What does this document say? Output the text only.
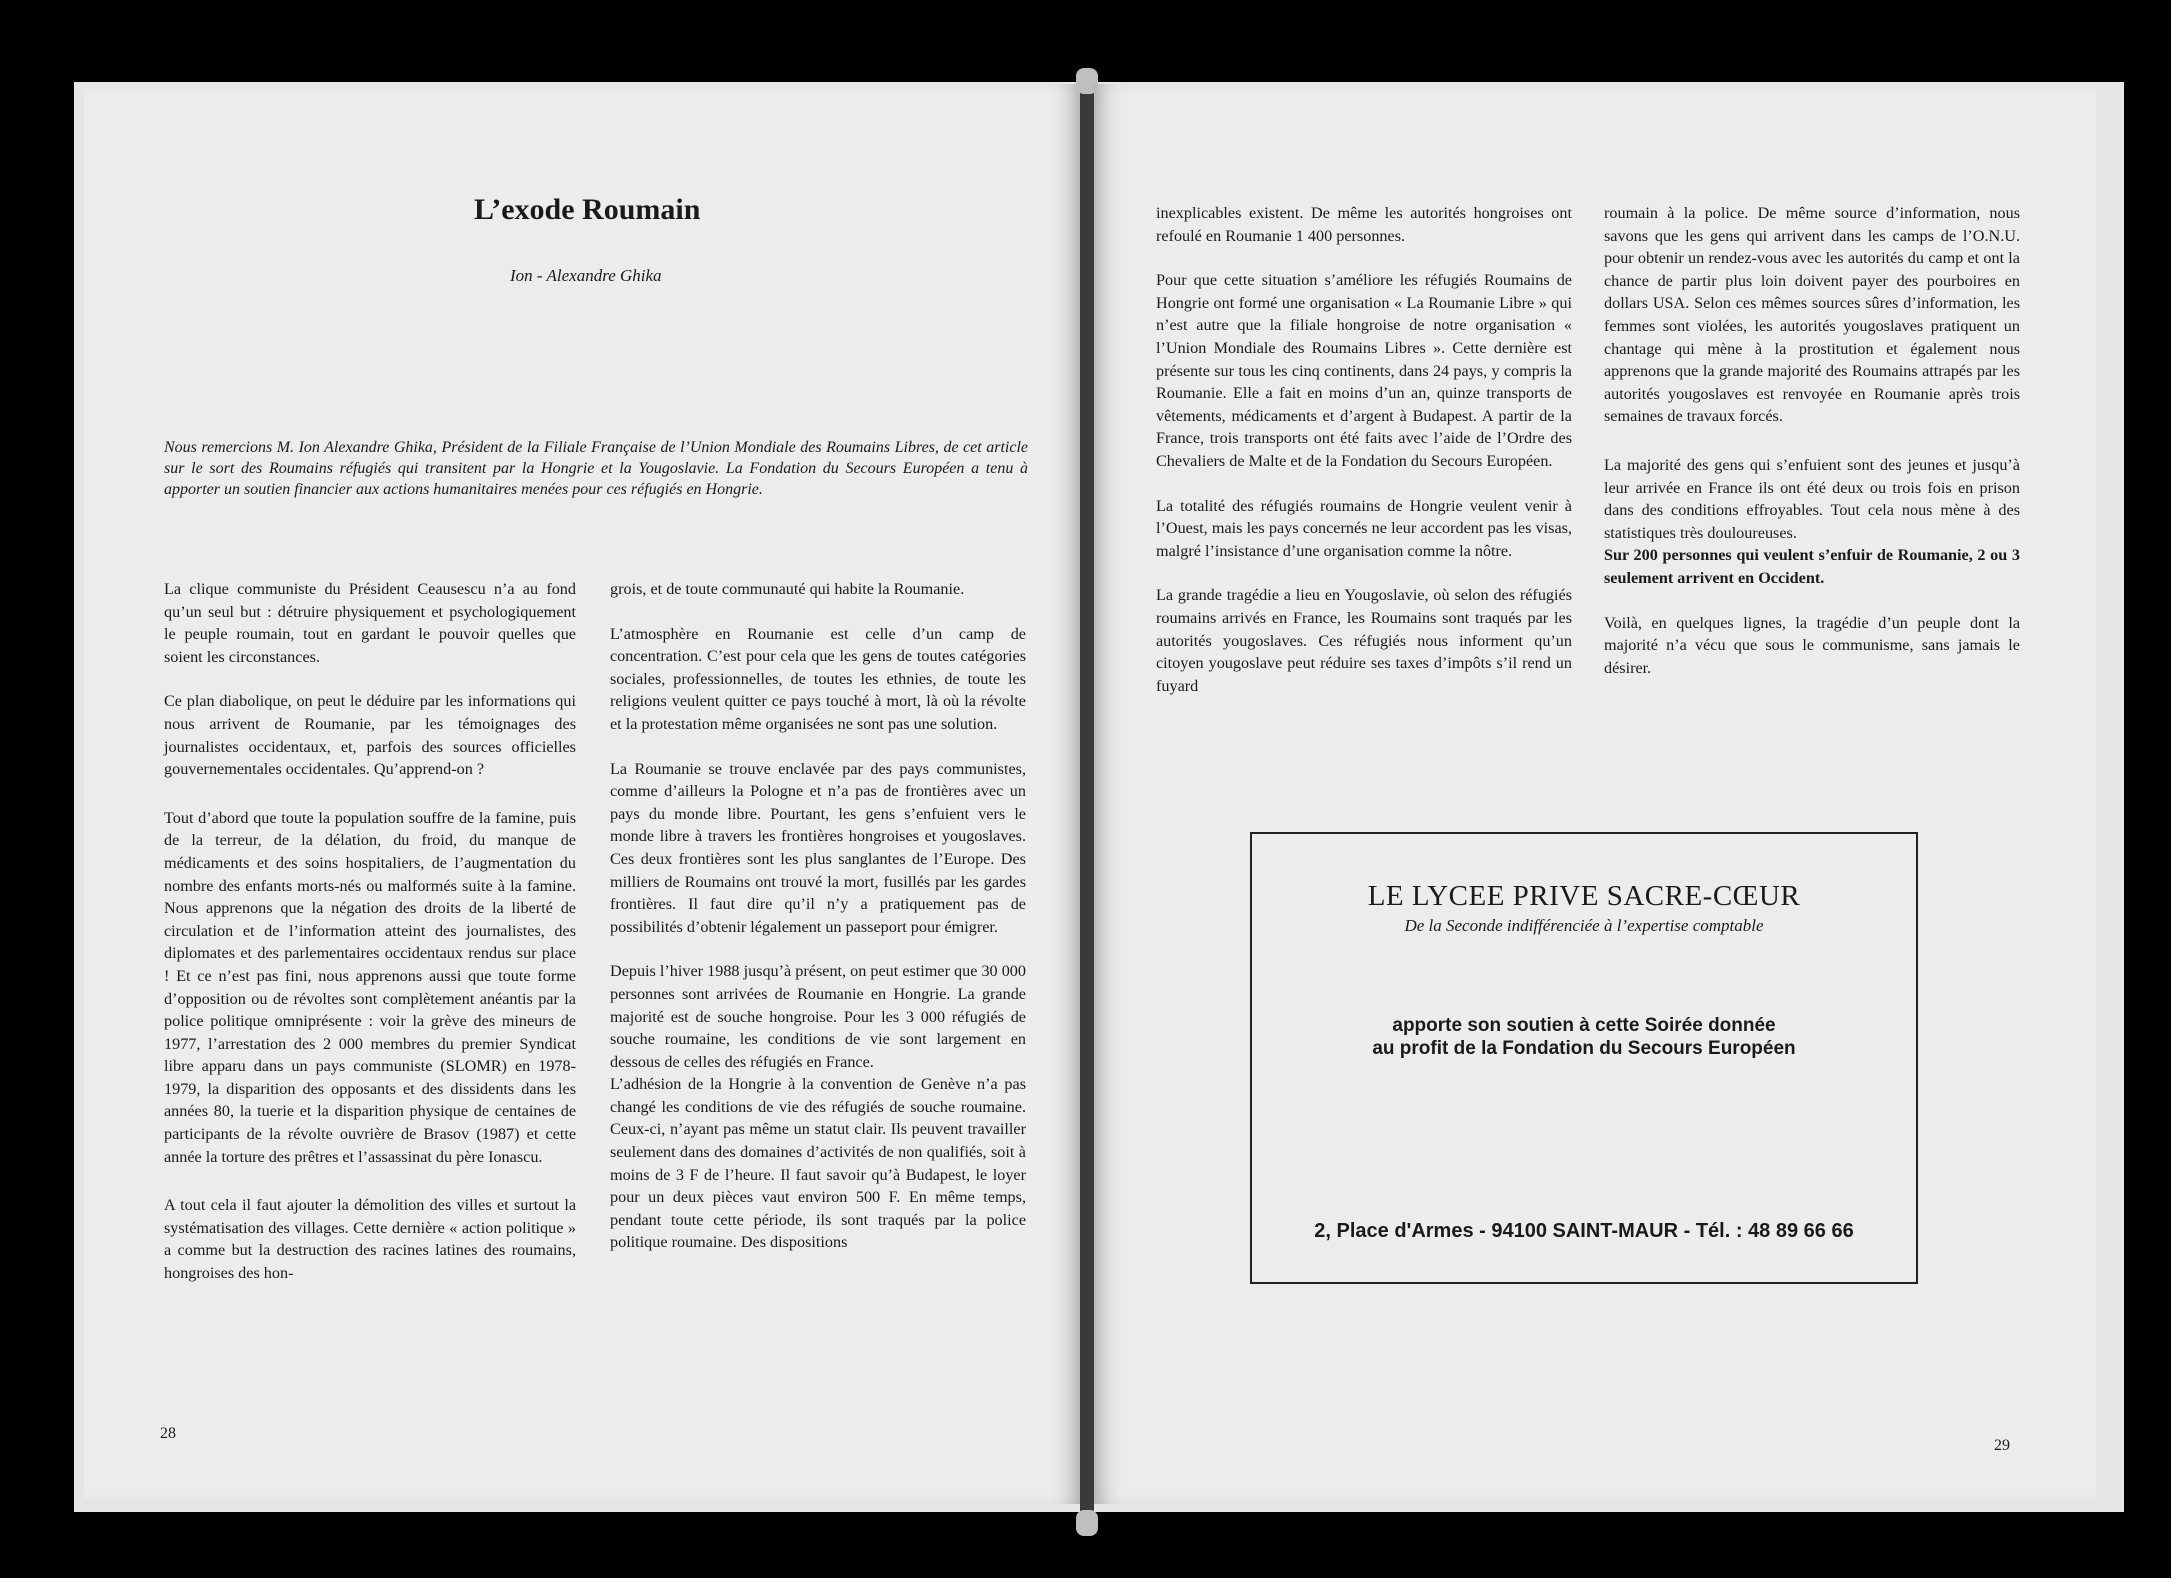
L’exode Roumain
Ion - Alexandre Ghika
Nous remercions M. Ion Alexandre Ghika, Président de la Filiale Française de l’Union Mondiale des Roumains Libres, de cet article sur le sort des Roumains réfugiés qui transitent par la Hongrie et la Yougoslavie. La Fondation du Secours Européen a tenu à apporter un soutien financier aux actions humanitaires menées pour ces réfugiés en Hongrie.

La clique communiste du Président Ceausescu n’a au fond qu’un seul but : détruire physiquement et psychologiquement le peuple roumain, tout en gardant le pouvoir quelles que soient les circonstances.

Ce plan diabolique, on peut le déduire par les informations qui nous arrivent de Roumanie, par les témoignages des journalistes occidentaux, et, parfois des sources officielles gouvernementales occidentales. Qu’apprend-on ?

Tout d’abord que toute la population souffre de la famine, puis de la terreur, de la délation, du froid, du manque de médicaments et des soins hospitaliers, de l’augmentation du nombre des enfants morts-nés ou malformés suite à la famine. Nous apprenons que la négation des droits de la liberté de circulation et de l’information atteint des journalistes, des diplomates et des parlementaires occidentaux rendus sur place ! Et ce n’est pas fini, nous apprenons aussi que toute forme d’opposition ou de révoltes sont complètement anéantis par la police politique omniprésente : voir la grève des mineurs de 1977, l’arrestation des 2 000 membres du premier Syndicat libre apparu dans un pays communiste (SLOMR) en 1978-1979, la disparition des opposants et des dissidents dans les années 80, la tuerie et la disparition physique de centaines de participants de la révolte ouvrière de Brasov (1987) et cette année la torture des prêtres et l’assassinat du père Ionascu.

A tout cela il faut ajouter la démolition des villes et surtout la systématisation des villages. Cette dernière « action politique » a comme but la destruction des racines latines des roumains, hongroises des hon-

grois, et de toute communauté qui habite la Roumanie.

L’atmosphère en Roumanie est celle d’un camp de concentration. C’est pour cela que les gens de toutes catégories sociales, professionnelles, de toutes les ethnies, de toute les religions veulent quitter ce pays touché à mort, là où la révolte et la protestation même organisées ne sont pas une solution.

La Roumanie se trouve enclavée par des pays communistes, comme d’ailleurs la Pologne et n’a pas de frontières avec un pays du monde libre. Pourtant, les gens s’enfuient vers le monde libre à travers les frontières hongroises et yougoslaves. Ces deux frontières sont les plus sanglantes de l’Europe. Des milliers de Roumains ont trouvé la mort, fusillés par les gardes frontières. Il faut dire qu’il n’y a pratiquement pas de possibilités d’obtenir légalement un passeport pour émigrer.

Depuis l’hiver 1988 jusqu’à présent, on peut estimer que 30 000 personnes sont arrivées de Roumanie en Hongrie. La grande majorité est de souche hongroise. Pour les 3 000 réfugiés de souche roumaine, les conditions de vie sont largement en dessous de celles des réfugiés en France.

L’adhésion de la Hongrie à la convention de Genève n’a pas changé les conditions de vie des réfugiés de souche roumaine. Ceux-ci, n’ayant pas même un statut clair. Ils peuvent travailler seulement dans des domaines d’activités de non qualifiés, soit à moins de 3 F de l’heure. Il faut savoir qu’à Budapest, le loyer pour un deux pièces vaut environ 500 F. En même temps, pendant toute cette période, ils sont traqués par la police politique roumaine. Des dispositions

28

inexplicables existent. De même les autorités hongroises ont refoulé en Roumanie 1 400 personnes.

Pour que cette situation s’améliore les réfugiés Roumains de Hongrie ont formé une organisation « La Roumanie Libre » qui n’est autre que la filiale hongroise de notre organisation « l’Union Mondiale des Roumains Libres ». Cette dernière est présente sur tous les cinq continents, dans 24 pays, y compris la Roumanie. Elle a fait en moins d’un an, quinze transports de vêtements, médicaments et d’argent à Budapest. A partir de la France, trois transports ont été faits avec l’aide de l’Ordre des Chevaliers de Malte et de la Fondation du Secours Européen.

La totalité des réfugiés roumains de Hongrie veulent venir à l’Ouest, mais les pays concernés ne leur accordent pas les visas, malgré l’insistance d’une organisation comme la nôtre.

La grande tragédie a lieu en Yougoslavie, où selon des réfugiés roumains arrivés en France, les Roumains sont traqués par les autorités yougoslaves. Ces réfugiés nous informent qu’un citoyen yougoslave peut réduire ses taxes d’impôts s’il rend un fuyard

roumain à la police. De même source d’information, nous savons que les gens qui arrivent dans les camps de l’O.N.U. pour obtenir un rendez-vous avec les autorités du camp et ont la chance de partir plus loin doivent payer des pourboires en dollars USA. Selon ces mêmes sources sûres d’information, les femmes sont violées, les autorités yougoslaves pratiquent un chantage qui mène à la prostitution et également nous apprenons que la grande majorité des Roumains attrapés par les autorités yougoslaves est renvoyée en Roumanie après trois semaines de travaux forcés.

La majorité des gens qui s’enfuient sont des jeunes et jusqu’à leur arrivée en France ils ont été deux ou trois fois en prison dans des conditions effroyables. Tout cela nous mène à des statistiques très douloureuses.

Sur 200 personnes qui veulent s’enfuir de Roumanie, 2 ou 3 seulement arrivent en Occident.

Voilà, en quelques lignes, la tragédie d’un peuple dont la majorité n’a vécu que sous le communisme, sans jamais le désirer.

LE LYCEE PRIVE SACRE-CŒUR
De la Seconde indifférenciée à l’expertise comptable
apporte son soutien à cette Soirée donnée
au profit de la Fondation du Secours Européen
2, Place d'Armes - 94100 SAINT-MAUR - Tél. : 48 89 66 66
29
